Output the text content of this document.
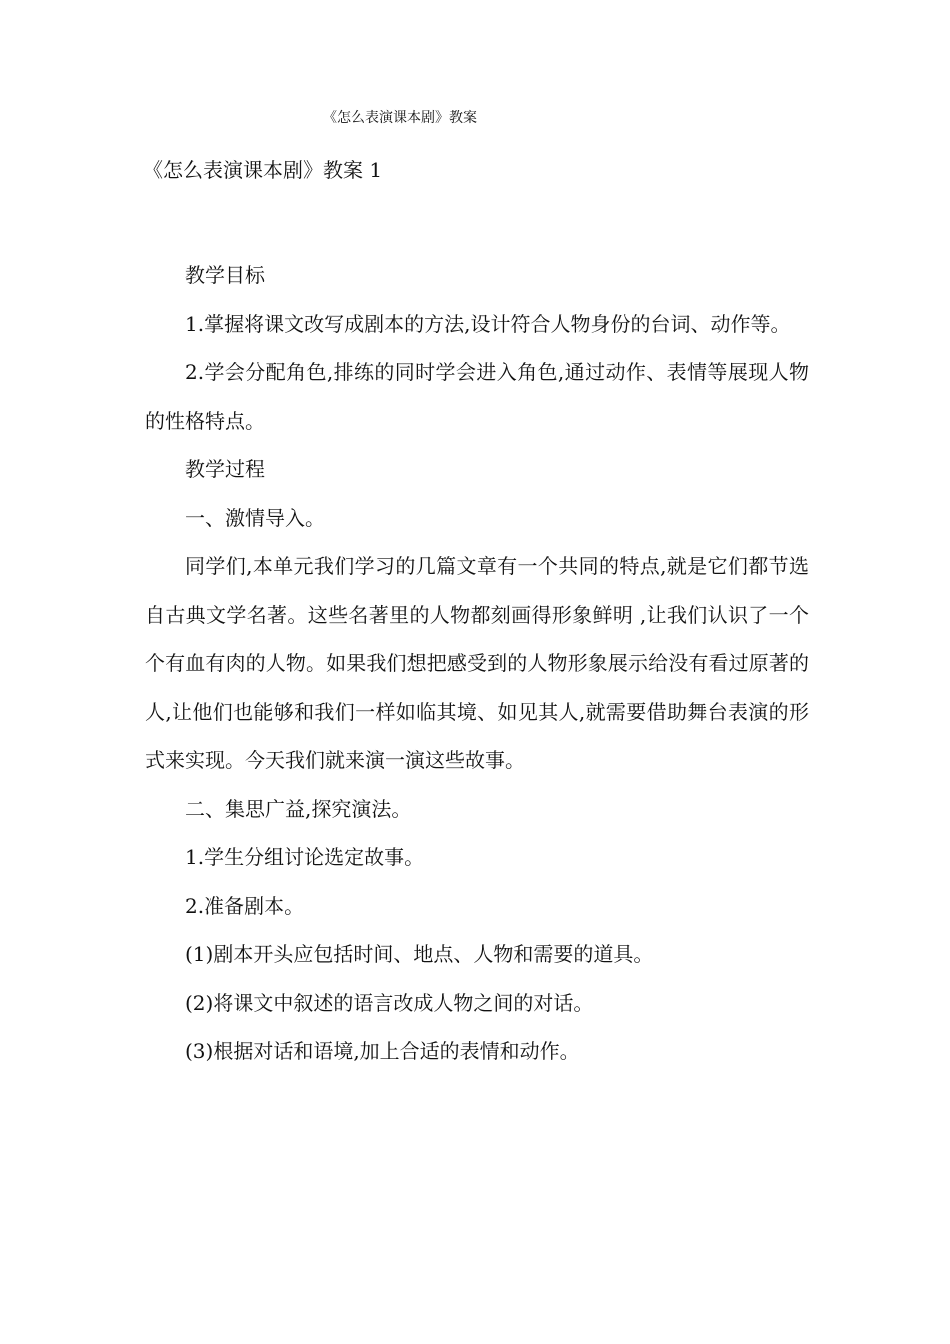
《怎么表演课本剧》教案
《怎么表演课本剧》教案 1

教学目标

1.掌握将课文改写成剧本的方法,设计符合人物身份的台词、动作等。

2.学会分配角色,排练的同时学会进入角色,通过动作、表情等展现人物的性格特点。

教学过程

一、激情导入。

同学们,本单元我们学习的几篇文章有一个共同的特点,就是它们都节选自古典文学名著。这些名著里的人物都刻画得形象鲜明 ,让我们认识了一个个有血有肉的人物。如果我们想把感受到的人物形象展示给没有看过原著的人,让他们也能够和我们一样如临其境、如见其人,就需要借助舞台表演的形式来实现。今天我们就来演一演这些故事。

二、集思广益,探究演法。

1.学生分组讨论选定故事。

2.准备剧本。

(1)剧本开头应包括时间、地点、人物和需要的道具。

(2)将课文中叙述的语言改成人物之间的对话。

(3)根据对话和语境,加上合适的表情和动作。
